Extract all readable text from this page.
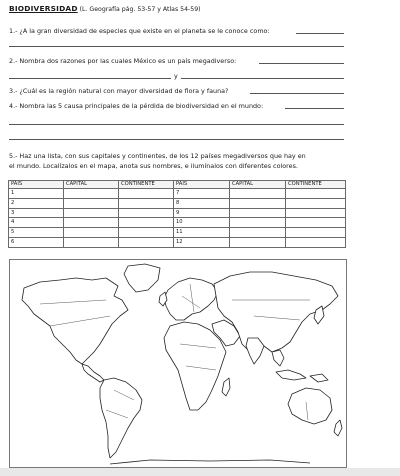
BIODIVERSIDAD (L. Geografía pág. 53-57 y Atlas 54-59)
1.- ¿A la gran diversidad de especies que existe en el planeta se le conoce como:
2.- Nombra dos razones por las cuales México es un país megadiverso:
y
3.- ¿Cuál es la región natural con mayor diversidad de flora y fauna?
4.- Nombra las 5 causa principales de la pérdida de biodiversidad en el mundo:
5.- Haz una lista, con sus capitales y continentes, de los 12 países megadiversos que hay en
el mundo. Localízalos en el mapa, anota sus nombres, e ilumínalos con diferentes colores.
PAIS	CAPITAL	CONTINENTE	PAIS	CAPITAL	CONTINENTE
1			7		
2			8		
3			9		
4			10		
5			11		
6			12		
